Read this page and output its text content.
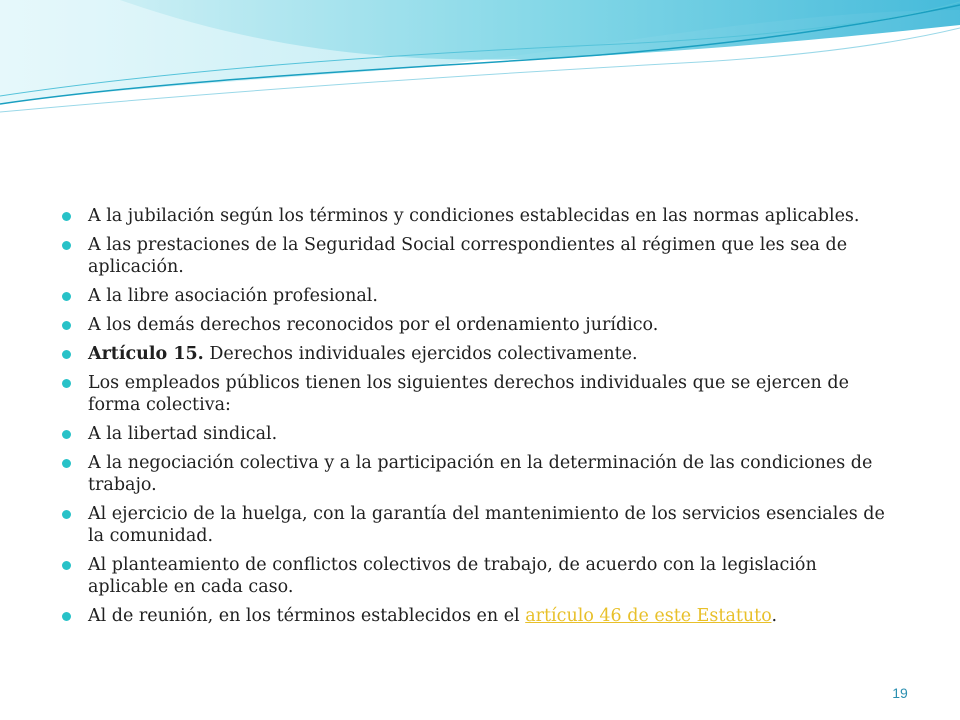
A la jubilación según los términos y condiciones establecidas en las normas aplicables.
A las prestaciones de la Seguridad Social correspondientes al régimen que les sea de aplicación.
A la libre asociación profesional.
A los demás derechos reconocidos por el ordenamiento jurídico.
Artículo 15. Derechos individuales ejercidos colectivamente.
Los empleados públicos tienen los siguientes derechos individuales que se ejercen de forma colectiva:
A la libertad sindical.
A la negociación colectiva y a la participación en la determinación de las condiciones de trabajo.
Al ejercicio de la huelga, con la garantía del mantenimiento de los servicios esenciales de la comunidad.
Al planteamiento de conflictos colectivos de trabajo, de acuerdo con la legislación aplicable en cada caso.
Al de reunión, en los términos establecidos en el artículo 46 de este Estatuto.
19
